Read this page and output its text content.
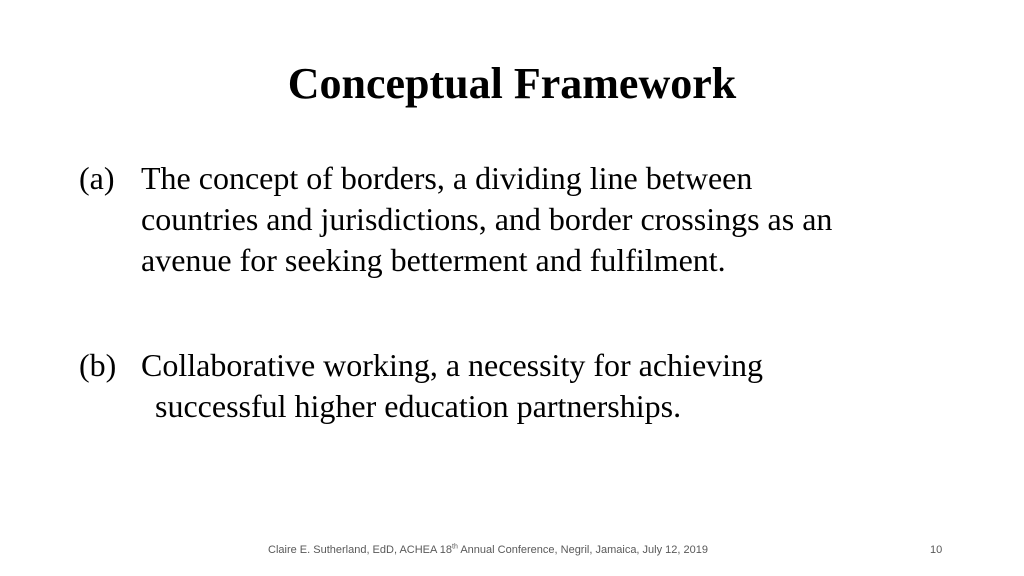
Conceptual Framework
(a) The concept of borders, a dividing line between
countries and jurisdictions, and border crossings as an
avenue for seeking betterment and fulfilment.
(b) Collaborative working, a necessity for achieving
successful higher education partnerships.
Claire E. Sutherland, EdD, ACHEA 18th Annual Conference, Negril, Jamaica, July 12, 2019	10
